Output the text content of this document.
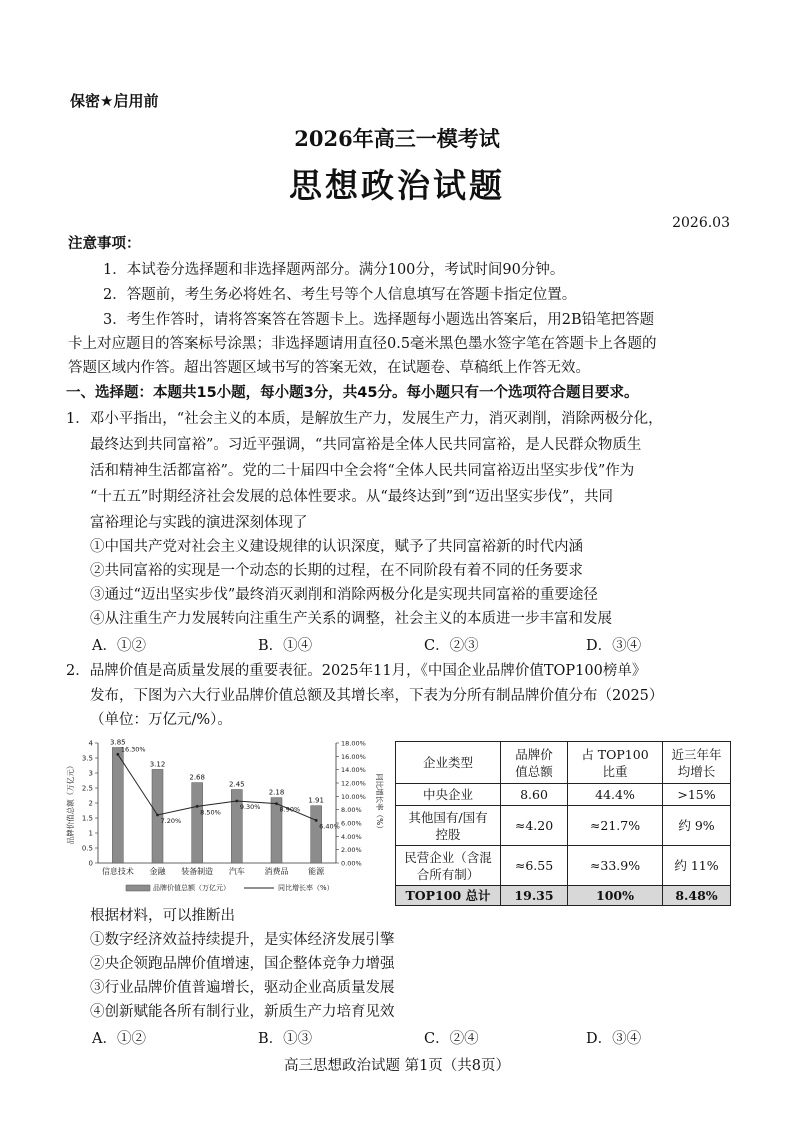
保密★启用前
2026年高三一模考试
思想政治试题
2026.03
注意事项：
1．本试卷分选择题和非选择题两部分。满分100分，考试时间90分钟。
2．答题前，考生务必将姓名、考生号等个人信息填写在答题卡指定位置。
3．考生作答时，请将答案答在答题卡上。选择题每小题选出答案后，用2B铅笔把答题
卡上对应题目的答案标号涂黑；非选择题请用直径0.5毫米黑色墨水签字笔在答题卡上各题的
答题区域内作答。超出答题区域书写的答案无效，在试题卷、草稿纸上作答无效。
一、选择题：本题共15小题，每小题3分，共45分。每小题只有一个选项符合题目要求。
1．邓小平指出，“社会主义的本质，是解放生产力，发展生产力，消灭剥削，消除两极分化，
最终达到共同富裕”。习近平强调，“共同富裕是全体人民共同富裕，是人民群众物质生
活和精神生活都富裕”。党的二十届四中全会将“全体人民共同富裕迈出坚实步伐”作为
“十五五”时期经济社会发展的总体性要求。从“最终达到”到“迈出坚实步伐”，共同
富裕理论与实践的演进深刻体现了
①中国共产党对社会主义建设规律的认识深度，赋予了共同富裕新的时代内涵
②共同富裕的实现是一个动态的长期的过程，在不同阶段有着不同的任务要求
③通过“迈出坚实步伐”最终消灭剥削和消除两极分化是实现共同富裕的重要途径
④从注重生产力发展转向注重生产关系的调整，社会主义的本质进一步丰富和发展
A．①②	B．①④	C．②③	D．③④
2．品牌价值是高质量发展的重要表征。2025年11月，《中国企业品牌价值TOP100榜单》
发布，下图为六大行业品牌价值总额及其增长率，下表为分所有制品牌价值分布（2025）
（单位：万亿元/%）。
0
0.5
1
1.5
2
2.5
3
3.5
4
0.00%
2.00%
4.00%
6.00%
8.00%
10.00%
12.00%
14.00%
16.00%
18.00%
3.85
3.12
2.68
2.45
2.18
1.91
16.30%
7.20%
8.50%
9.30%	8.90%
6.40%
信息技术 金融 装备制造 汽车 消费品 能源
品牌价值总额（万亿元）	同比增长率（%）
品牌价值总额（万亿元）	同比增长率（%）
企业类型	品牌价
值总额	占 TOP100
比重	近三年年
均增长
中央企业	8.60	44.4%	>15%
其他国有/国有
控股	≈4.20	≈21.7%	约 9%
民营企业（含混
合所有制）	≈6.55	≈33.9%	约 11%
TOP100 总计	19.35	100%	8.48%
根据材料，可以推断出
①数字经济效益持续提升，是实体经济发展引擎
②央企领跑品牌价值增速，国企整体竞争力增强
③行业品牌价值普遍增长，驱动企业高质量发展
④创新赋能各所有制行业，新质生产力培育见效
A．①②	B．①③	C．②④	D．③④
高三思想政治试题 第1页（共8页）
